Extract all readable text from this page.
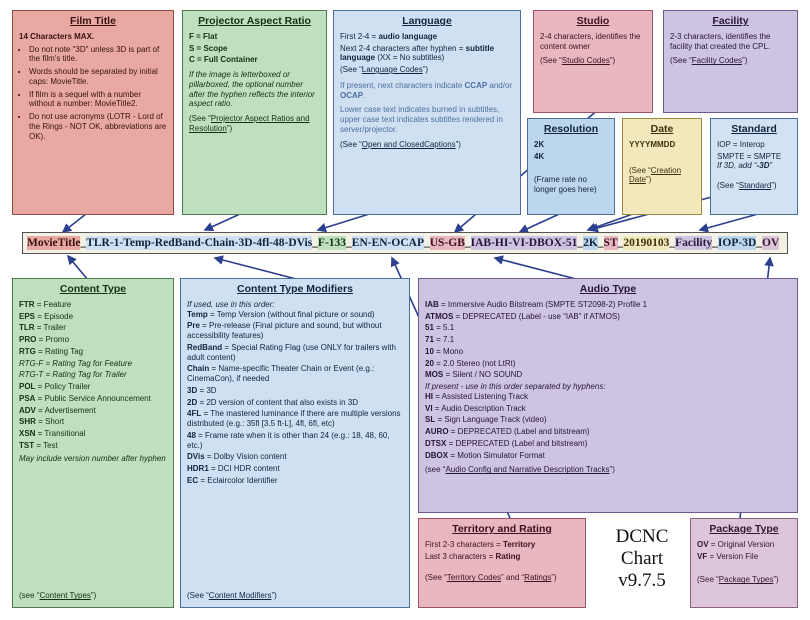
Film Title
14 Characters MAX.
• Do not note "3D" unless 3D is part of the film's title.
• Words should be separated by initial caps: MovieTitle.
• If film is a sequel with a number without a number: MovieTitle2.
• Do not use acronyms (LOTR - Lord of the Rings - NOT OK, abbreviations are OK).
Projector Aspect Ratio
F = Flat
S = Scope
C = Full Container
If the image is letterboxed or pillarboxed, the optional number after the hyphen reflects the interior aspect ratio.
(See “Projector Aspect Ratios and Resolution”)
Language
First 2-4 = audio language
Next 2-4 characters after hyphen = subtitle language (XX = No subtitles)
(See “Language Codes”)
If present, next characters indicate CCAP and/or OCAP.
Lower case text indicates burned in subtitles, upper case text indicates subtitles rendered in server/projector.
(See “Open and ClosedCaptions”)
Studio
2-4 characters, identifies the content owner
(See “Studio Codes”)
Facility
2-3 characters, identifies the facility that created the CPL.
(See “Facility Codes”)
Resolution
2K
4K
(Frame rate no longer goes here)
Date
YYYYMMDD
(See “Creation Date”)
Standard
IOP = Interop
SMPTE = SMPTE
If 3D, add “-3D”
(See “Standard”)
MovieTitle _ TLR-1-Temp-RedBand-Chain-3D-4fl-48-DVis _ F-133 _ EN-EN-OCAP _ US-GB _ IAB-HI-VI-DBOX-51 _ 2K _ ST _ 20190103 _ Facility _ IOP-3D _ OV
Content Type
FTR = Feature
EPS = Episode
TLR = Trailer
PRO = Promo
RTG = Rating Tag
RTG-F = Rating Tag for Feature
RTG-T = Rating Tag for Trailer
POL = Policy Trailer
PSA = Public Service Announcement
ADV = Advertisement
SHR = Short
XSN = Transitional
TST = Test
May include version number after hyphen
(see “Content Types”)
Content Type Modifiers
If used, use in this order:
Temp = Temp Version (without final picture or sound)
Pre = Pre-release (Final picture and sound, but without accessibility features)
RedBand = Special Rating Flag (use ONLY for trailers with adult content)
Chain = Name-specific Theater Chain or Event (e.g.: CinemaCon), if needed
3D = 3D
2D = 2D version of content that also exists in 3D
4FL = The mastered luminance if there are multiple versions distributed (e.g.: 35fl [3.5 ft-L], 4fl, 6fl, etc)
48 = Frame rate when it is other than 24 (e.g.: 18, 48, 60, etc.)
DVis = Dolby Vision content
HDR1 = DCI HDR content
EC = Eclaircolor Identifier
(See “Content Modifiers”)
Audio Type
IAB = Immersive Audio Bitstream (SMPTE ST2098-2) Profile 1
ATMOS = DEPRECATED (Label - use “IAB” if ATMOS)
51 = 5.1
71 = 7.1
10 = Mono
20 = 2.0 Stereo (not LtRt)
MOS = Silent / NO SOUND
If present - use in this order separated by hyphens:
HI = Assisted Listening Track
VI = Audio Description Track
SL = Sign Language Track (video)
AURO = DEPRECATED (Label and bitstream)
DTSX = DEPRECATED (Label and bitstream)
DBOX = Motion Simulator Format
(see “Audio Config and Narrative Description Tracks”)
Territory and Rating
First 2-3 characters = Territory
Last 3 characters = Rating
(See “Territory Codes” and “Ratings”)
Package Type
OV = Original Version
VF = Version File
(See “Package Types”)
DCNC
Chart
v9.7.5
